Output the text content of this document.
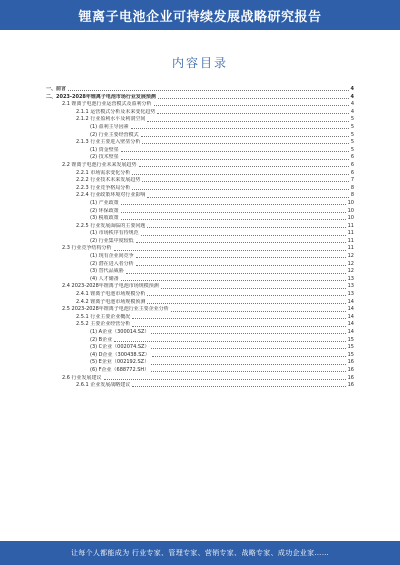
锂离子电池企业可持续发展战略研究报告
内容目录
一、前言	4
二、2023-2028年锂离子电池市场行业发展预测	4
2.1 锂离子电池行业运营模式及盈利分析	4
2.1.1 运营模式分析及未来变化趋势	4
2.1.2 行业盈利水平及利润空间	5
(1) 盈利主导因素	5
(2) 行业主要经营模式	5
2.1.3 行业主要进入壁垒分析	5
(1) 资金壁垒	5
(2) 技术壁垒	6
2.2 锂离子电池行业未来发展趋势	6
2.2.1 市场需求变化分析	6
2.2.2 行业技术未来发展趋势	7
2.2.3 行业竞争格局分析	8
2.2.4 行业政策环境对行业影响	8
(1) 产业政策	10
(2) 环保政策	10
(3) 税收政策	10
2.2.5 行业发展面临的主要问题	11
(1) 市场秩序有待规范	11
(2) 行业集中度较低	11
2.3 行业竞争结构分析	11
(1) 现有企业间竞争	12
(2) 潜在进入者分析	12
(3) 替代品威胁	12
(4) 人才储备	13
2.4 2023-2028年锂离子电池市场规模预测	13
2.4.1 锂离子电池市场规模分析	13
2.4.2 锂离子电池市场规模预测	14
2.5 2023-2028年锂离子电池行业主要企业分析	14
2.5.1 行业主要企业概况	14
2.5.2 主要企业经营分析	14
(1) A企业（300014.SZ）	14
(2) B企业	15
(3) C企业（002074.SZ）	15
(4) D企业（300438.SZ）	15
(5) E企业（002192.SZ）	16
(6) F企业（688772.SH）	16
2.6 行业发展建议	16
2.6.1 企业发展战略建议	16
让每个人都能成为 行业专家、管理专家、营销专家、战略专家、成功企业家……
